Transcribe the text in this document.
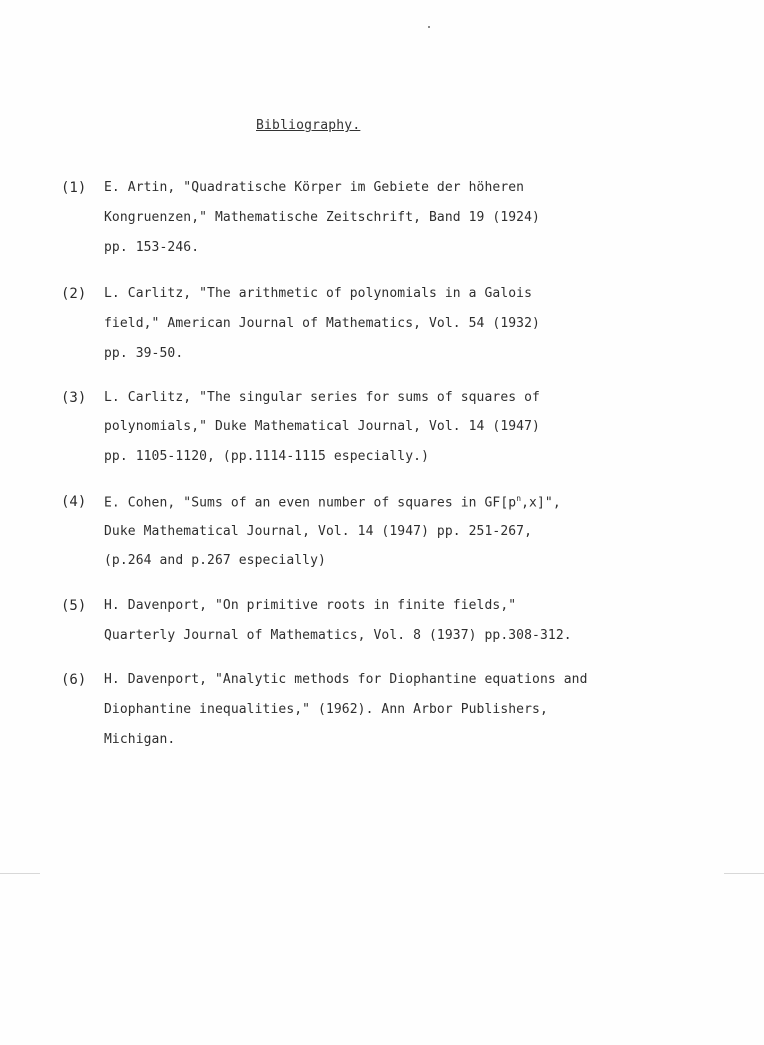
Bibliography.
(1) E. Artin, "Quadratische Körper im Gebiete der höheren
Kongruenzen," Mathematische Zeitschrift, Band 19 (1924)
pp. 153-246.
(2) L. Carlitz, "The arithmetic of polynomials in a Galois
field," American Journal of Mathematics, Vol. 54 (1932)
pp. 39-50.
(3) L. Carlitz, "The singular series for sums of squares of
polynomials," Duke Mathematical Journal, Vol. 14 (1947)
pp. 1105-1120, (pp.1114-1115 especially.)
(4) E. Cohen, "Sums of an even number of squares in $GF[p^n,x]$",
Duke Mathematical Journal, Vol. 14 (1947) pp. 251-267,
(p.264 and p.267 especially)
(5) H. Davenport, "On primitive roots in finite fields,"
Quarterly Journal of Mathematics, Vol. 8 (1937) pp.308-312.
(6) H. Davenport, "Analytic methods for Diophantine equations and
Diophantine inequalities," (1962). Ann Arbor Publishers,
Michigan.
